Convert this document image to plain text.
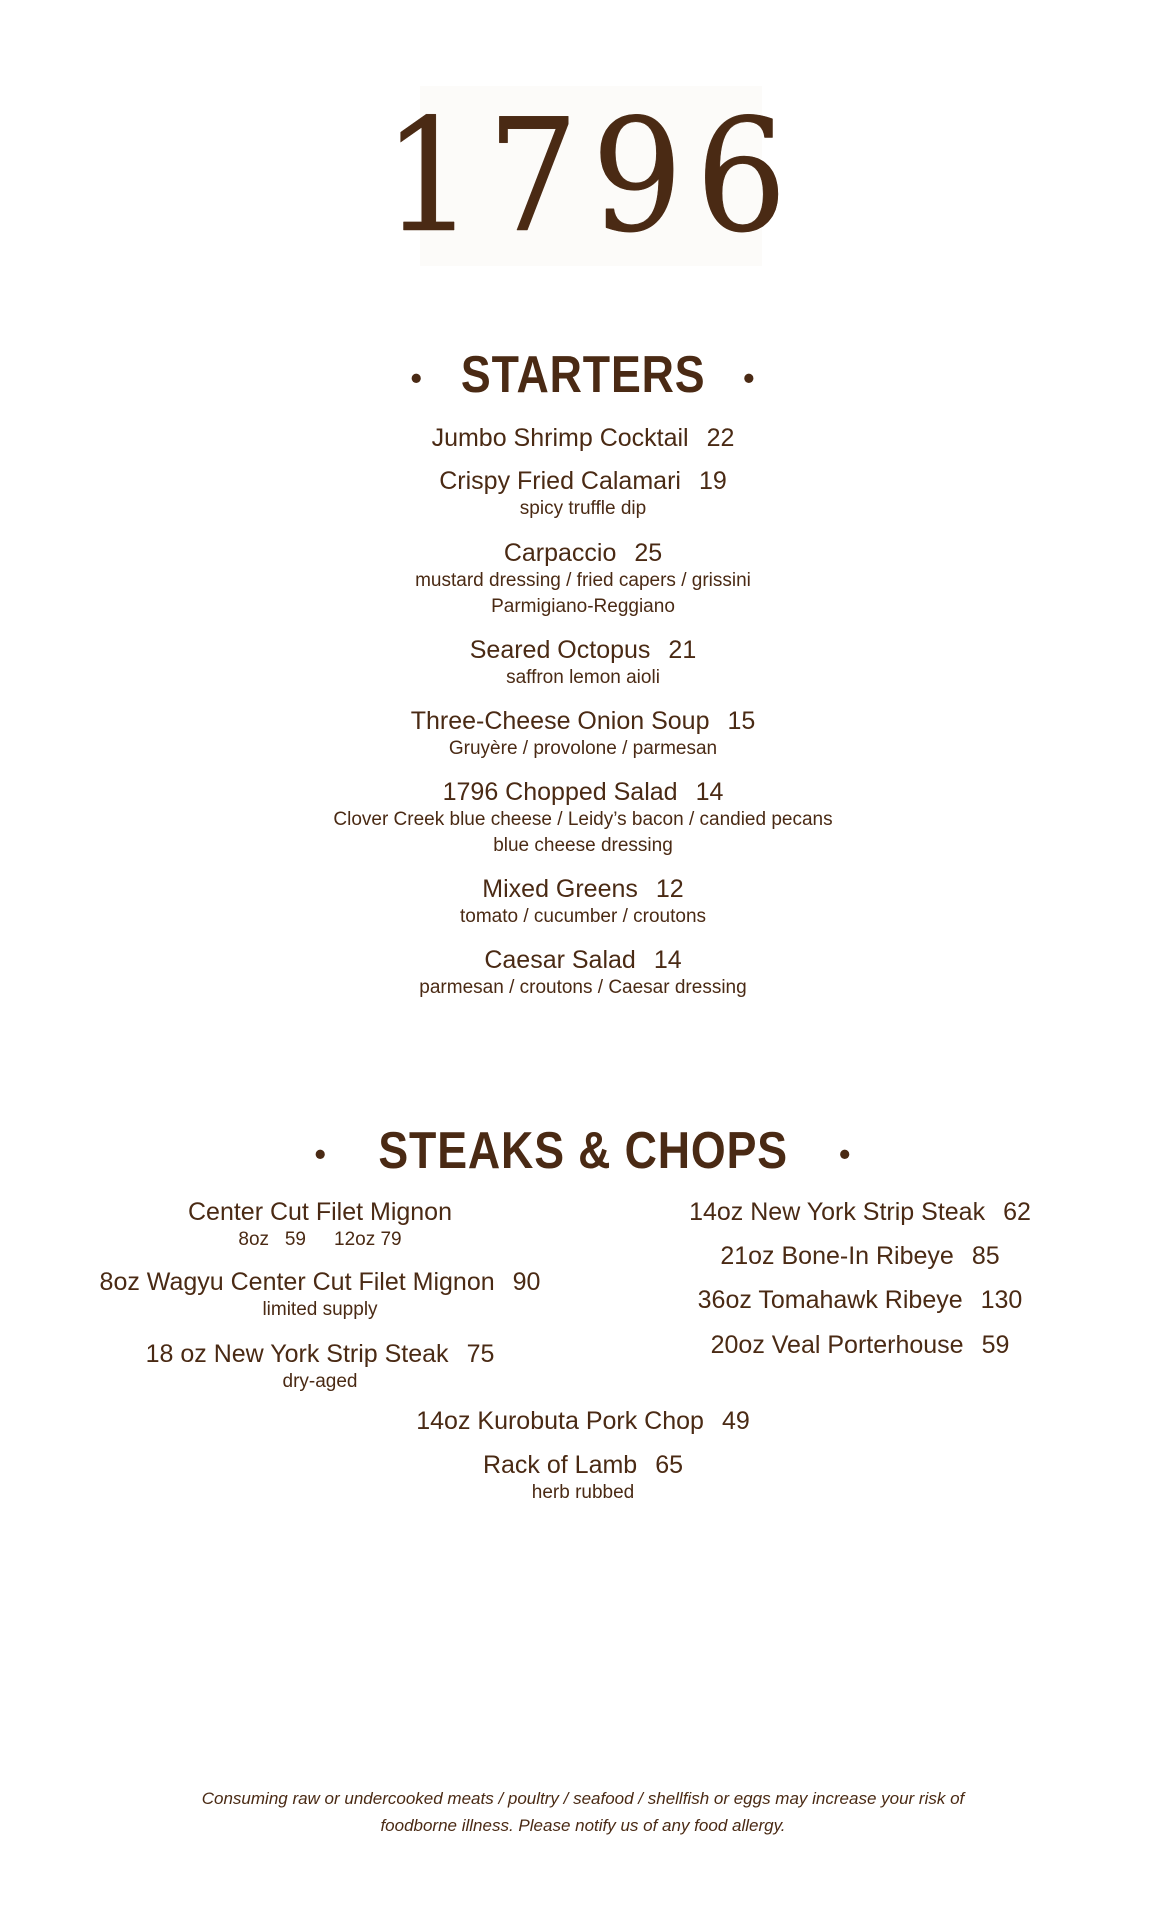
1796
• STARTERS •
Jumbo Shrimp Cocktail 22
Crispy Fried Calamari 19
spicy truffle dip
Carpaccio 25
mustard dressing / fried capers / grissini
Parmigiano-Reggiano
Seared Octopus 21
saffron lemon aioli
Three-Cheese Onion Soup 15
Gruyère / provolone / parmesan
1796 Chopped Salad 14
Clover Creek blue cheese / Leidy’s bacon / candied pecans
blue cheese dressing
Mixed Greens 12
tomato / cucumber / croutons
Caesar Salad 14
parmesan / croutons / Caesar dressing
• STEAKS & CHOPS •
Center Cut Filet Mignon
8oz 59 12oz 79
8oz Wagyu Center Cut Filet Mignon 90
limited supply
18 oz New York Strip Steak 75
dry-aged
14oz New York Strip Steak 62
21oz Bone-In Ribeye 85
36oz Tomahawk Ribeye 130
20oz Veal Porterhouse 59
14oz Kurobuta Pork Chop 49
Rack of Lamb 65
herb rubbed
Consuming raw or undercooked meats / poultry / seafood / shellfish or eggs may increase your risk of
foodborne illness. Please notify us of any food allergy.
